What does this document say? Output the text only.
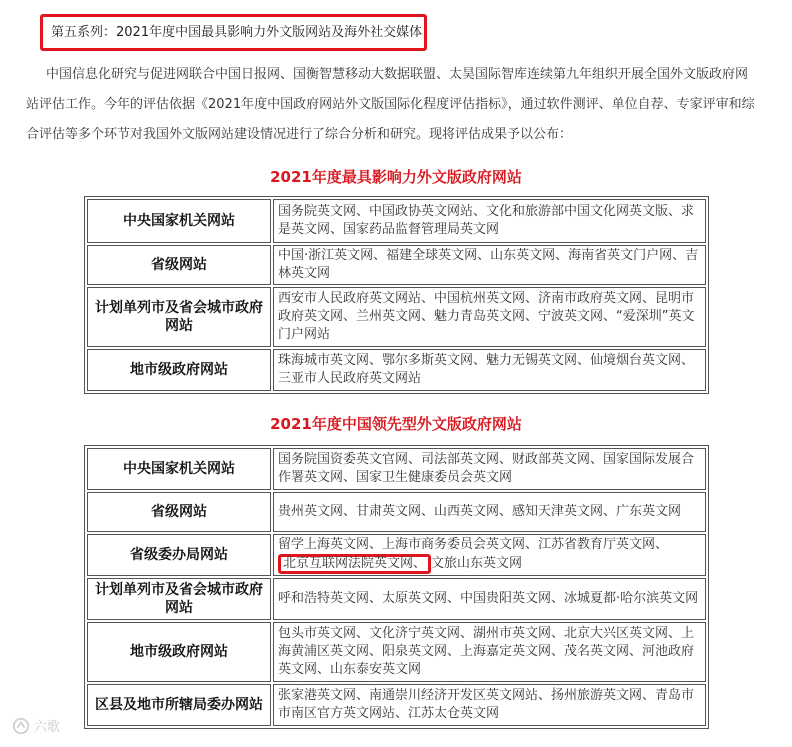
第五系列：2021年度中国最具影响力外文版网站及海外社交媒体

中国信息化研究与促进网联合中国日报网、国衡智慧移动大数据联盟、太昊国际智库连续第九年组织开展全国外文版政府网

站评估工作。今年的评估依据《2021年度中国政府网站外文版国际化程度评估指标》，通过软件测评、单位自荐、专家评审和综

合评估等多个环节对我国外文版网站建设情况进行了综合分析和研究。现将评估成果予以公布：

2021年度最具影响力外文版政府网站
中央国家机关网站	国务院英文网、中国政协英文网站、文化和旅游部中国文化网英文版、求是英文网、国家药品监督管理局英文网
省级网站	中国·浙江英文网、福建全球英文网、山东英文网、海南省英文门户网、吉林英文网
计划单列市及省会城市政府网站	西安市人民政府英文网站、中国杭州英文网、济南市政府英文网、昆明市政府英文网、兰州英文网、魅力青岛英文网、宁波英文网、“爱深圳”英文门户网站
地市级政府网站	珠海城市英文网、鄂尔多斯英文网、魅力无锡英文网、仙境烟台英文网、三亚市人民政府英文网站
2021年度中国领先型外文版政府网站
中央国家机关网站	国务院国资委英文官网、司法部英文网、财政部英文网、国家国际发展合作署英文网、国家卫生健康委员会英文网
省级网站	贵州英文网、甘肃英文网、山西英文网、感知天津英文网、广东英文网
省级委办局网站	留学上海英文网、上海市商务委员会英文网、江苏省教育厅英文网、北京互联网法院英文网、 文旅山东英文网
计划单列市及省会城市政府网站	呼和浩特英文网、太原英文网、中国贵阳英文网、冰城夏都·哈尔滨英文网
地市级政府网站	包头市英文网、文化济宁英文网、湖州市英文网、北京大兴区英文网、上海黄浦区英文网、阳泉英文网、上海嘉定英文网、茂名英文网、河池政府英文网、山东泰安英文网
区县及地市所辖局委办网站	张家港英文网、南通崇川经济开发区英文网站、扬州旅游英文网、青岛市市南区官方英文网站、江苏太仓英文网
六歌
